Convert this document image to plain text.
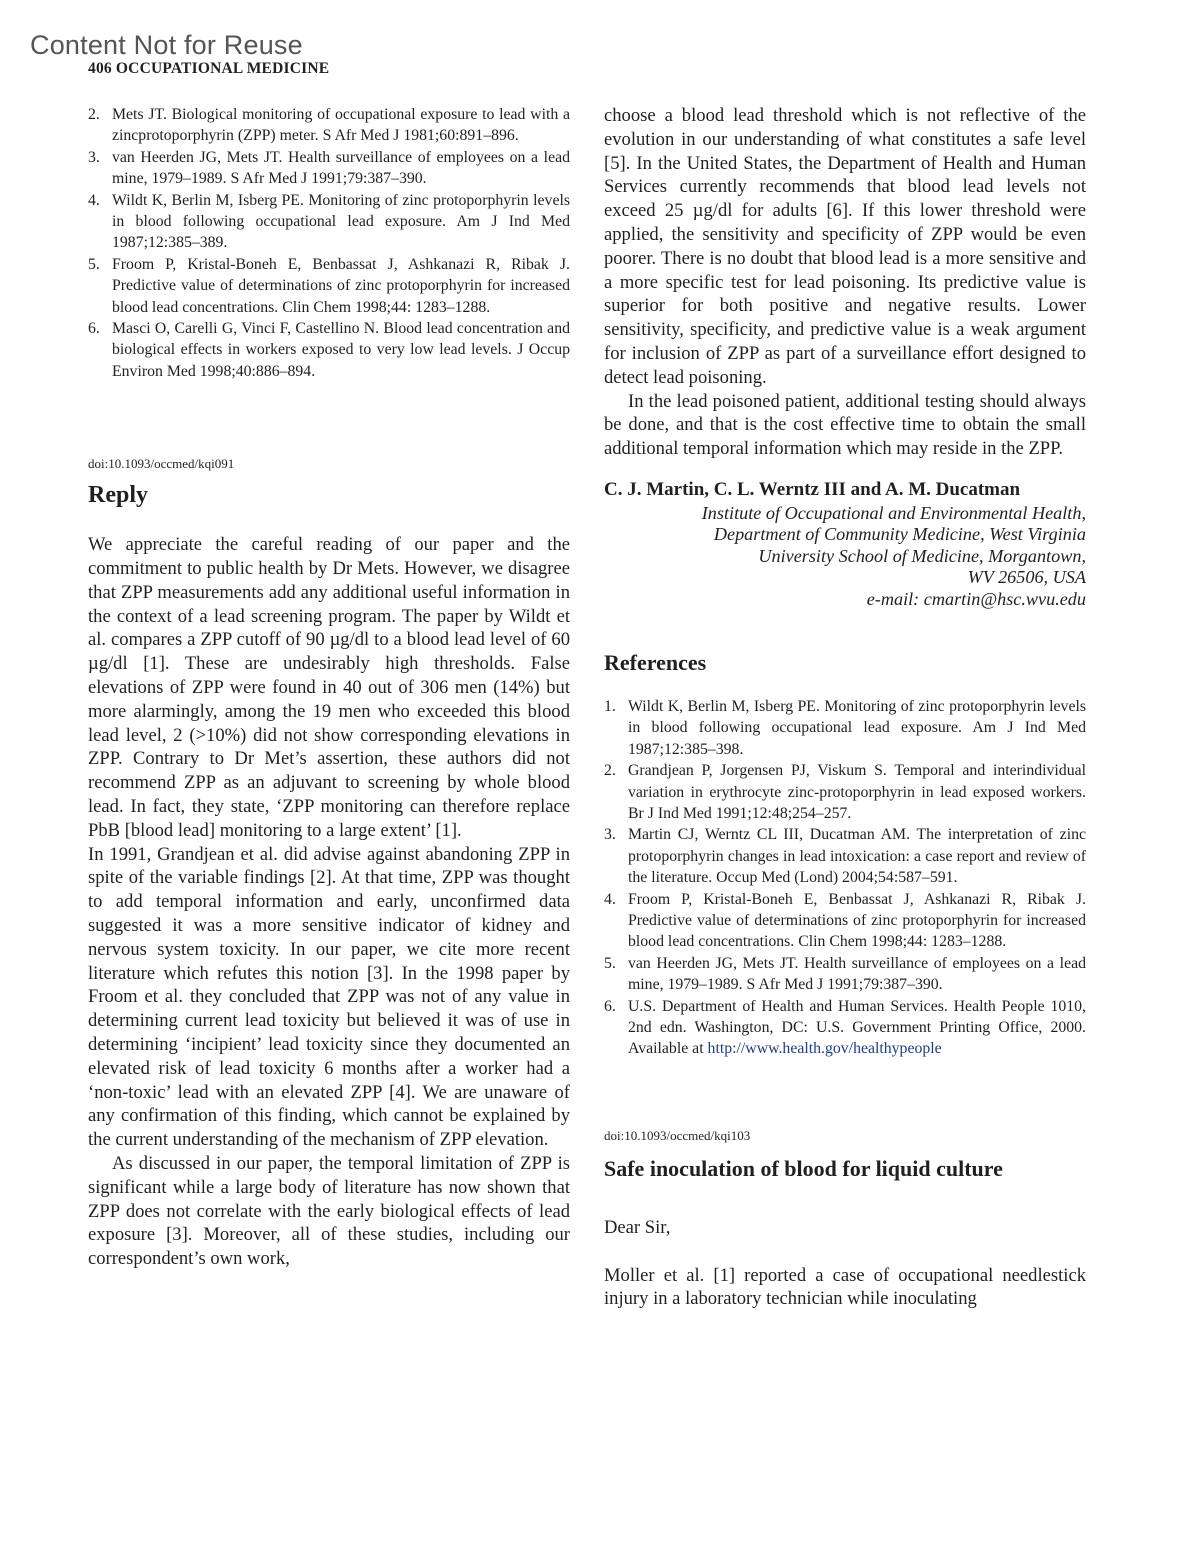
Content Not for Reuse
406 OCCUPATIONAL MEDICINE
2. Mets JT. Biological monitoring of occupational exposure to lead with a zincprotoporphyrin (ZPP) meter. S Afr Med J 1981;60:891–896.
3. van Heerden JG, Mets JT. Health surveillance of employees on a lead mine, 1979–1989. S Afr Med J 1991;79:387–390.
4. Wildt K, Berlin M, Isberg PE. Monitoring of zinc protoporphyrin levels in blood following occupational lead exposure. Am J Ind Med 1987;12:385–389.
5. Froom P, Kristal-Boneh E, Benbassat J, Ashkanazi R, Ribak J. Predictive value of determinations of zinc protoporphyrin for increased blood lead concentrations. Clin Chem 1998;44: 1283–1288.
6. Masci O, Carelli G, Vinci F, Castellino N. Blood lead concentration and biological effects in workers exposed to very low lead levels. J Occup Environ Med 1998;40:886–894.
doi:10.1093/occmed/kqi091
Reply

We appreciate the careful reading of our paper and the commitment to public health by Dr Mets. However, we disagree that ZPP measurements add any additional useful information in the context of a lead screening program. The paper by Wildt et al. compares a ZPP cutoff of 90 µg/dl to a blood lead level of 60 µg/dl [1]. These are undesirably high thresholds. False elevations of ZPP were found in 40 out of 306 men (14%) but more alarmingly, among the 19 men who exceeded this blood lead level, 2 (>10%) did not show corresponding elevations in ZPP. Contrary to Dr Met’s assertion, these authors did not recommend ZPP as an adjuvant to screening by whole blood lead. In fact, they state, ‘ZPP monitoring can therefore replace PbB [blood lead] monitoring to a large extent’ [1].

In 1991, Grandjean et al. did advise against abandoning ZPP in spite of the variable findings [2]. At that time, ZPP was thought to add temporal information and early, unconfirmed data suggested it was a more sensitive indicator of kidney and nervous system toxicity. In our paper, we cite more recent literature which refutes this notion [3]. In the 1998 paper by Froom et al. they concluded that ZPP was not of any value in determining current lead toxicity but believed it was of use in determining ‘incipient’ lead toxicity since they documented an elevated risk of lead toxicity 6 months after a worker had a ‘non-toxic’ lead with an elevated ZPP [4]. We are unaware of any confirmation of this finding, which cannot be explained by the current understanding of the mechanism of ZPP elevation.

As discussed in our paper, the temporal limitation of ZPP is significant while a large body of literature has now shown that ZPP does not correlate with the early biological effects of lead exposure [3]. Moreover, all of these studies, including our correspondent’s own work,

choose a blood lead threshold which is not reflective of the evolution in our understanding of what constitutes a safe level [5]. In the United States, the Department of Health and Human Services currently recommends that blood lead levels not exceed 25 µg/dl for adults [6]. If this lower threshold were applied, the sensitivity and specificity of ZPP would be even poorer. There is no doubt that blood lead is a more sensitive and a more specific test for lead poisoning. Its predictive value is superior for both positive and negative results. Lower sensitivity, specificity, and predictive value is a weak argument for inclusion of ZPP as part of a surveillance effort designed to detect lead poisoning.

In the lead poisoned patient, additional testing should always be done, and that is the cost effective time to obtain the small additional temporal information which may reside in the ZPP.

C. J. Martin, C. L. Werntz III and A. M. Ducatman

Institute of Occupational and Environmental Health,

Department of Community Medicine, West Virginia

University School of Medicine, Morgantown,

WV 26506, USA

e-mail: cmartin@hsc.wvu.edu

References
1. Wildt K, Berlin M, Isberg PE. Monitoring of zinc protoporphyrin levels in blood following occupational lead exposure. Am J Ind Med 1987;12:385–398.
2. Grandjean P, Jorgensen PJ, Viskum S. Temporal and interindividual variation in erythrocyte zinc-protoporphyrin in lead exposed workers. Br J Ind Med 1991;12:48;254–257.
3. Martin CJ, Werntz CL III, Ducatman AM. The interpretation of zinc protoporphyrin changes in lead intoxication: a case report and review of the literature. Occup Med (Lond) 2004;54:587–591.
4. Froom P, Kristal-Boneh E, Benbassat J, Ashkanazi R, Ribak J. Predictive value of determinations of zinc protoporphyrin for increased blood lead concentrations. Clin Chem 1998;44: 1283–1288.
5. van Heerden JG, Mets JT. Health surveillance of employees on a lead mine, 1979–1989. S Afr Med J 1991;79:387–390.
6. U.S. Department of Health and Human Services. Health People 1010, 2nd edn. Washington, DC: U.S. Government Printing Office, 2000. Available at http://www.health.gov/healthypeople
doi:10.1093/occmed/kqi103
Safe inoculation of blood for liquid culture

Dear Sir,

Moller et al. [1] reported a case of occupational needlestick injury in a laboratory technician while inoculating
